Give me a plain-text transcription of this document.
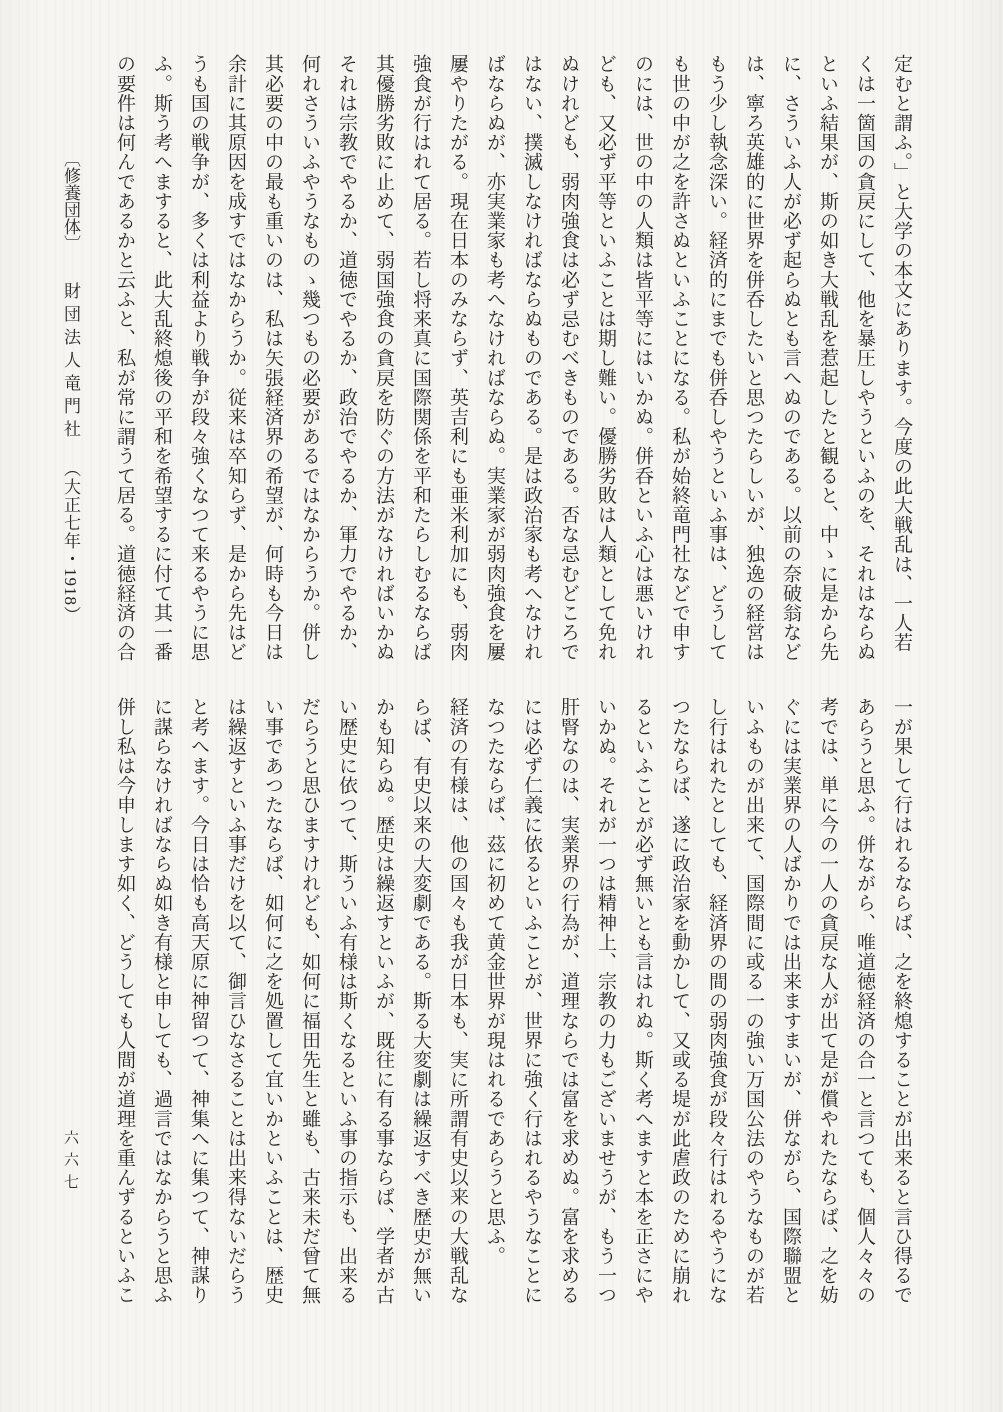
定むと謂ふ。」と大学の本文にあります。今度の此大戦乱は、一人若
くは一箇国の貪戻にして、他を暴圧しやうといふのを、それはならぬ
といふ結果が、斯の如き大戦乱を惹起したと観ると、中ゝに是から先
に、さういふ人が必ず起らぬとも言へぬのである。以前の奈破翁など
は、寧ろ英雄的に世界を併呑したいと思つたらしいが、独逸の経営は
もう少し執念深い。経済的にまでも併呑しやうといふ事は、どうして
も世の中が之を許さぬといふことになる。私が始終竜門社などで申す
のには、世の中の人類は皆平等にはいかぬ。併呑といふ心は悪いけれ
ども、又必ず平等といふことは期し難い。優勝劣敗は人類として免れ
ぬけれども、弱肉強食は必ず忌むべきものである。否な忌むどころで
はない、撲滅しなければならぬものである。是は政治家も考へなけれ
ばならぬが、亦実業家も考へなければならぬ。実業家が弱肉強食を屢
屢やりたがる。現在日本のみならず、英吉利にも亜米利加にも、弱肉
強食が行はれて居る。若し将来真に国際関係を平和たらしむるならば
其優勝劣敗に止めて、弱国強食の貪戻を防ぐの方法がなければいかぬ
それは宗教でやるか、道徳でやるか、政治でやるか、軍力でやるか、
何れさういふやうなものゝ幾つもの必要があるではなからうか。併し
其必要の中の最も重いのは、私は矢張経済界の希望が、何時も今日は
余計に其原因を成すではなからうか。従来は卒知らず、是から先はど
うも国の戦争が、多くは利益より戦争が段々強くなつて来るやうに思
ふ。斯う考へますると、此大乱終熄後の平和を希望するに付て其一番
の要件は何んであるかと云ふと、私が常に謂うて居る。道徳経済の合
〔修養団体〕 財団法人竜門社 （大正七年・1918）
一が果して行はれるならば、之を終熄することが出来ると言ひ得るで
あらうと思ふ。併ながら、唯道徳経済の合一と言つても、個人々々の
考では、単に今の一人の貪戻な人が出て是が償やれたならば、之を妨
ぐには実業界の人ばかりでは出来ますまいが、併ながら、国際聯盟と
いふものが出来て、国際間に或る一の強い万国公法のやうなものが若
し行はれたとしても、経済界の間の弱肉強食が段々行はれるやうにな
つたならば、遂に政治家を動かして、又或る堤が此虐政のために崩れ
るといふことが必ず無いとも言はれぬ。斯く考へますと本を正さにや
いかぬ。それが一つは精神上、宗教の力もございませうが、もう一つ
肝腎なのは、実業界の行為が、道理ならでは富を求めぬ。富を求める
には必ず仁義に依るといふことが、世界に強く行はれるやうなことに
なつたならば、茲に初めて黄金世界が現はれるであらうと思ふ。
経済の有様は、他の国々も我が日本も、実に所謂有史以来の大戦乱な
らば、有史以来の大変劇である。斯る大変劇は繰返すべき歴史が無い
かも知らぬ。歴史は繰返すといふが、既往に有る事ならば、学者が古
い歴史に依つて、斯ういふ有様は斯くなるといふ事の指示も、出来る
だらうと思ひますけれども、如何に福田先生と雖も、古来未だ曾て無
い事であつたならば、如何に之を処置して宜いかといふことは、歴史
は繰返すといふ事だけを以て、御言ひなさることは出来得ないだらう
と考へます。今日は恰も高天原に神留つて、神集へに集つて、神謀り
に謀らなければならぬ如き有様と申しても、過言ではなからうと思ふ
併し私は今申します如く、どうしても人間が道理を重んずるといふこ
六六七
